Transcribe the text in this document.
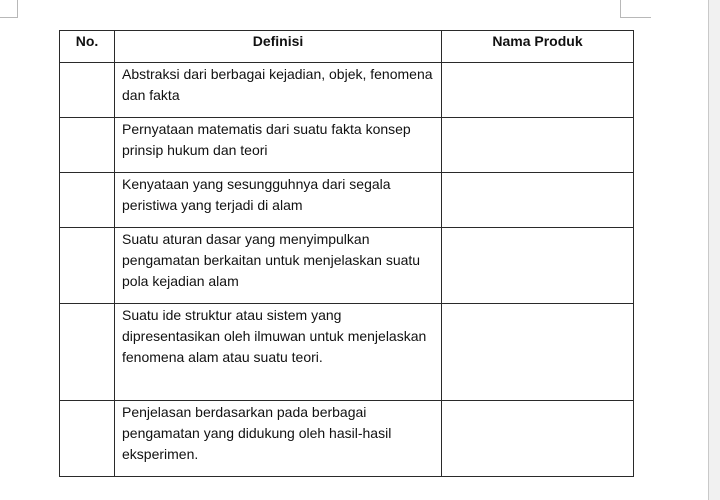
No.	Definisi	Nama Produk
	Abstraksi dari berbagai kejadian, objek, fenomena dan fakta	
	Pernyataan matematis dari suatu fakta konsep prinsip hukum dan teori	
	Kenyataan yang sesungguhnya dari segala peristiwa yang terjadi di alam	
	Suatu aturan dasar yang menyimpulkan pengamatan berkaitan untuk menjelaskan suatu pola kejadian alam	
	Suatu ide struktur atau sistem yang dipresentasikan oleh ilmuwan untuk menjelaskan fenomena alam atau suatu teori.	
	Penjelasan berdasarkan pada berbagai pengamatan yang didukung oleh hasil-hasil eksperimen.	
